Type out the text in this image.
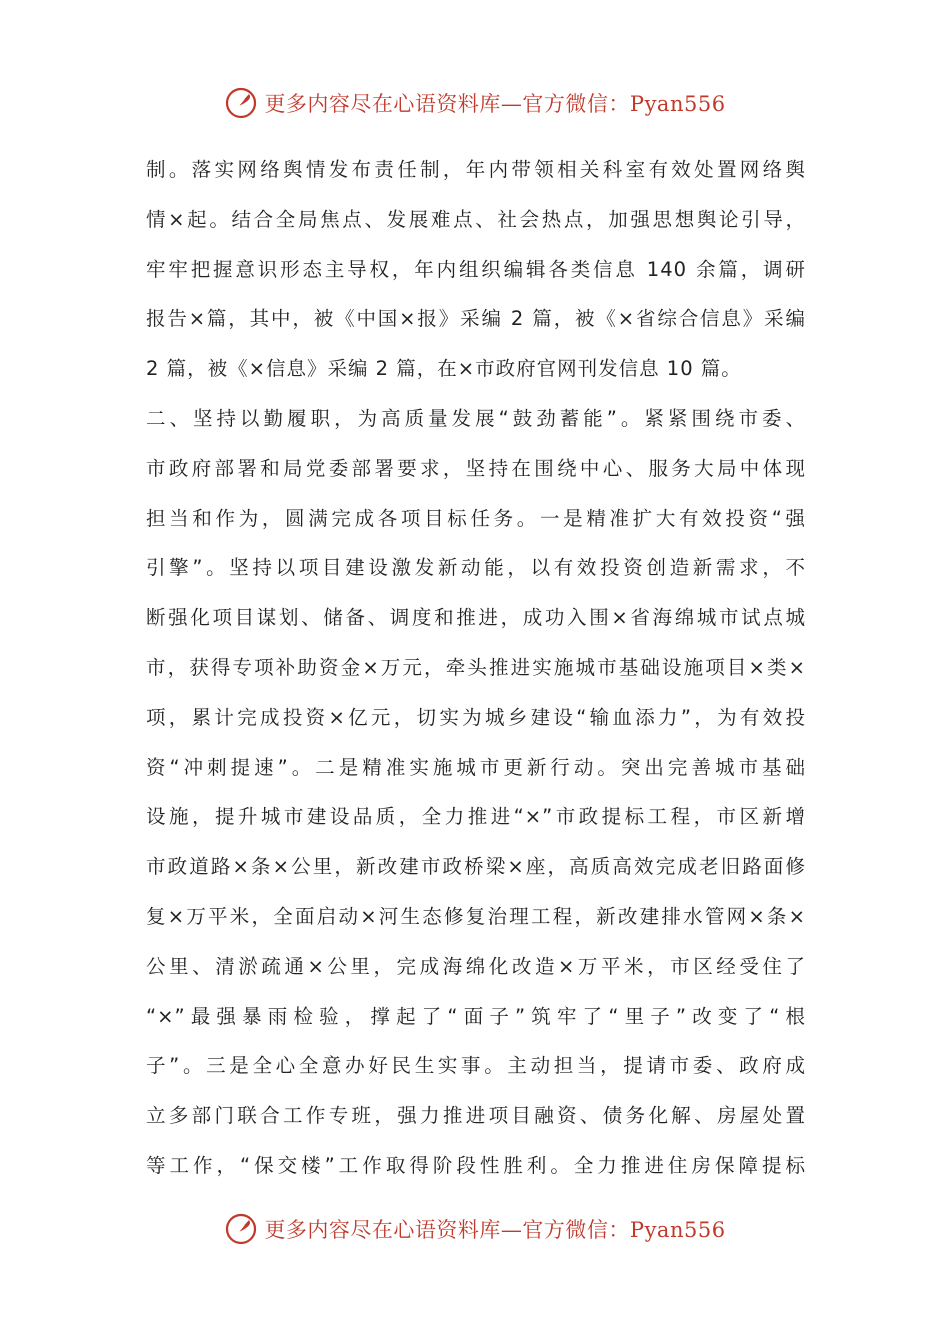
更多内容尽在心语资料库—官方微信：Pyan556
制。落实网络舆情发布责任制，年内带领相关科室有效处置网络舆
情×起。结合全局焦点、发展难点、社会热点，加强思想舆论引导，
牢牢把握意识形态主导权，年内组织编辑各类信息 140 余篇，调研
报告×篇，其中，被《中国×报》采编 2 篇，被《×省综合信息》采编
2 篇，被《×信息》采编 2 篇，在×市政府官网刊发信息 10 篇。
二、坚持以勤履职，为高质量发展“鼓劲蓄能”。紧紧围绕市委、
市政府部署和局党委部署要求，坚持在围绕中心、服务大局中体现
担当和作为，圆满完成各项目标任务。一是精准扩大有效投资“强
引擎”。坚持以项目建设激发新动能，以有效投资创造新需求，不
断强化项目谋划、储备、调度和推进，成功入围×省海绵城市试点城
市，获得专项补助资金×万元，牵头推进实施城市基础设施项目×类×
项，累计完成投资×亿元，切实为城乡建设“输血添力”，为有效投
资“冲刺提速”。二是精准实施城市更新行动。突出完善城市基础
设施，提升城市建设品质，全力推进“×”市政提标工程，市区新增
市政道路×条×公里，新改建市政桥梁×座，高质高效完成老旧路面修
复×万平米，全面启动×河生态修复治理工程，新改建排水管网×条×
公里、清淤疏通×公里，完成海绵化改造×万平米，市区经受住了
“×”最强暴雨检验，撑起了“面子”筑牢了“里子”改变了“根
子”。三是全心全意办好民生实事。主动担当，提请市委、政府成
立多部门联合工作专班，强力推进项目融资、债务化解、房屋处置
等工作，“保交楼”工作取得阶段性胜利。全力推进住房保障提标
更多内容尽在心语资料库—官方微信：Pyan556
